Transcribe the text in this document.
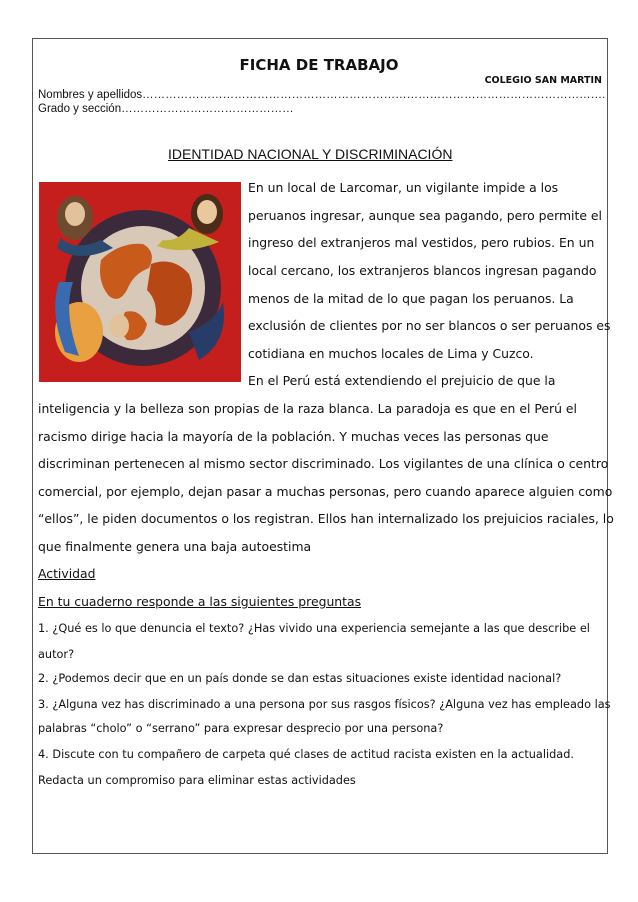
FICHA DE TRABAJO
COLEGIO SAN MARTIN
Nombres y apellidos………………………………………………………………………………………………………….
Grado y sección………………………………………
IDENTIDAD NACIONAL Y DISCRIMINACIÓN
En un local de Larcomar, un vigilante impide a los
peruanos ingresar, aunque sea pagando, pero permite el
ingreso del extranjeros mal vestidos, pero rubios. En un
local cercano, los extranjeros blancos ingresan pagando
menos de la mitad de lo que pagan los peruanos. La
exclusión de clientes por no ser blancos o ser peruanos es
cotidiana en muchos locales de Lima y Cuzco.
En el Perú está extendiendo el prejuicio de que la
inteligencia y la belleza son propias de la raza blanca. La paradoja es que en el Perú el
racismo dirige hacia la mayoría de la población. Y muchas veces las personas que
discriminan pertenecen al mismo sector discriminado. Los vigilantes de una clínica o centro
comercial, por ejemplo, dejan pasar a muchas personas, pero cuando aparece alguien como
“ellos”, le piden documentos o los registran. Ellos han internalizado los prejuicios raciales, lo
que finalmente genera una baja autoestima
Actividad
En tu cuaderno responde a las siguientes preguntas
1. ¿Qué es lo que denuncia el texto? ¿Has vivido una experiencia semejante a las que describe el
autor?
2. ¿Podemos decir que en un país donde se dan estas situaciones existe identidad nacional?
3. ¿Alguna vez has discriminado a una persona por sus rasgos físicos? ¿Alguna vez has empleado las
palabras “cholo” o “serrano” para expresar desprecio por una persona?
4. Discute con tu compañero de carpeta qué clases de actitud racista existen en la actualidad.
Redacta un compromiso para eliminar estas actividades
